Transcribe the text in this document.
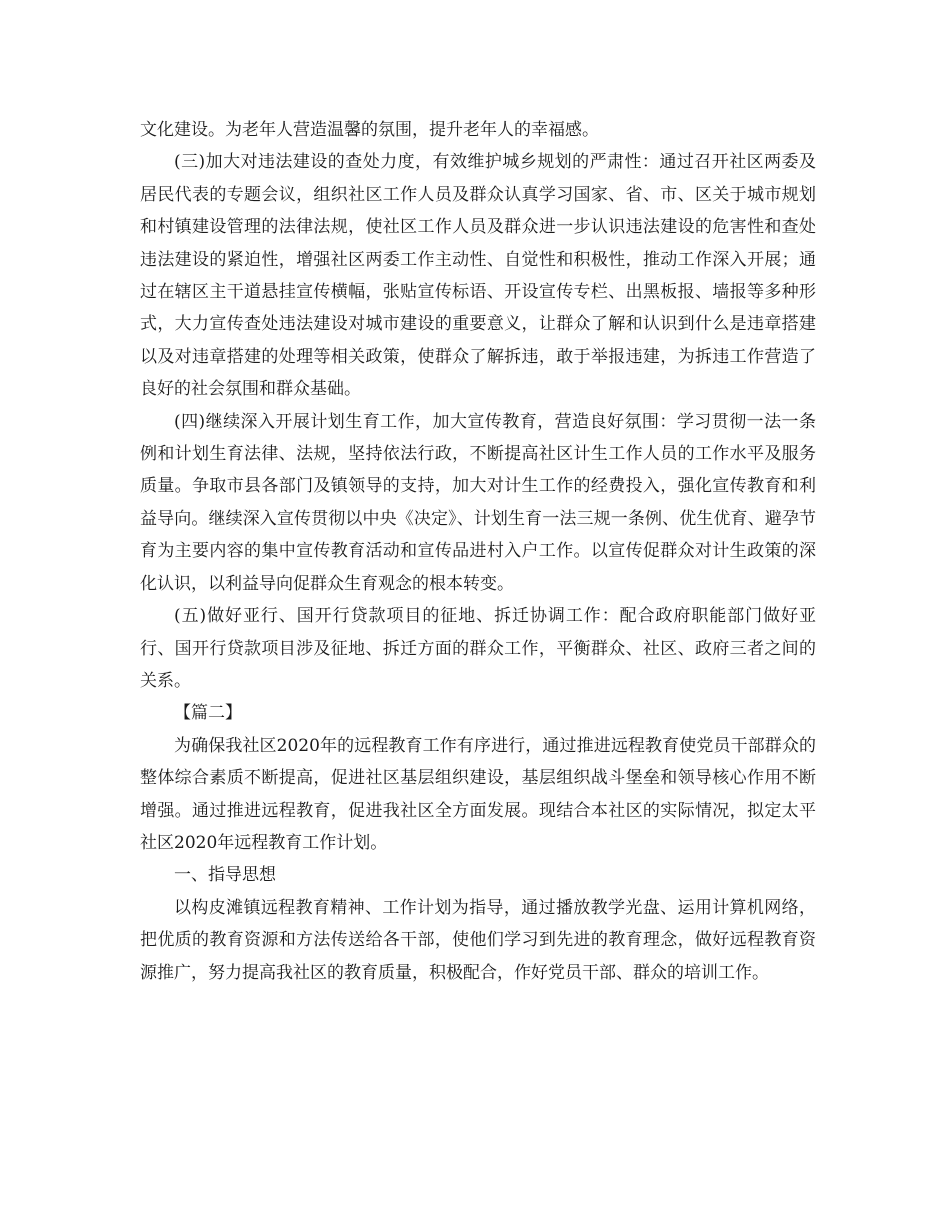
文化建设。为老年人营造温馨的氛围，提升老年人的幸福感。

(三)加大对违法建设的查处力度，有效维护城乡规划的严肃性：通过召开社区两委及居民代表的专题会议，组织社区工作人员及群众认真学习国家、省、市、区关于城市规划和村镇建设管理的法律法规，使社区工作人员及群众进一步认识违法建设的危害性和查处违法建设的紧迫性，增强社区两委工作主动性、自觉性和积极性，推动工作深入开展；通过在辖区主干道悬挂宣传横幅，张贴宣传标语、开设宣传专栏、出黑板报、墙报等多种形式，大力宣传查处违法建设对城市建设的重要意义，让群众了解和认识到什么是违章搭建以及对违章搭建的处理等相关政策，使群众了解拆违，敢于举报违建，为拆违工作营造了良好的社会氛围和群众基础。

(四)继续深入开展计划生育工作，加大宣传教育，营造良好氛围：学习贯彻一法一条例和计划生育法律、法规，坚持依法行政，不断提高社区计生工作人员的工作水平及服务质量。争取市县各部门及镇领导的支持，加大对计生工作的经费投入，强化宣传教育和利益导向。继续深入宣传贯彻以中央《决定》、计划生育一法三规一条例、优生优育、避孕节育为主要内容的集中宣传教育活动和宣传品进村入户工作。以宣传促群众对计生政策的深化认识，以利益导向促群众生育观念的根本转变。

(五)做好亚行、国开行贷款项目的征地、拆迁协调工作：配合政府职能部门做好亚行、国开行贷款项目涉及征地、拆迁方面的群众工作，平衡群众、社区、政府三者之间的关系。

【篇二】

为确保我社区2020年的远程教育工作有序进行，通过推进远程教育使党员干部群众的整体综合素质不断提高，促进社区基层组织建设，基层组织战斗堡垒和领导核心作用不断增强。通过推进远程教育，促进我社区全方面发展。现结合本社区的实际情况，拟定太平社区2020年远程教育工作计划。

一、指导思想

以构皮滩镇远程教育精神、工作计划为指导，通过播放教学光盘、运用计算机网络，把优质的教育资源和方法传送给各干部，使他们学习到先进的教育理念，做好远程教育资源推广，努力提高我社区的教育质量，积极配合，作好党员干部、群众的培训工作。
